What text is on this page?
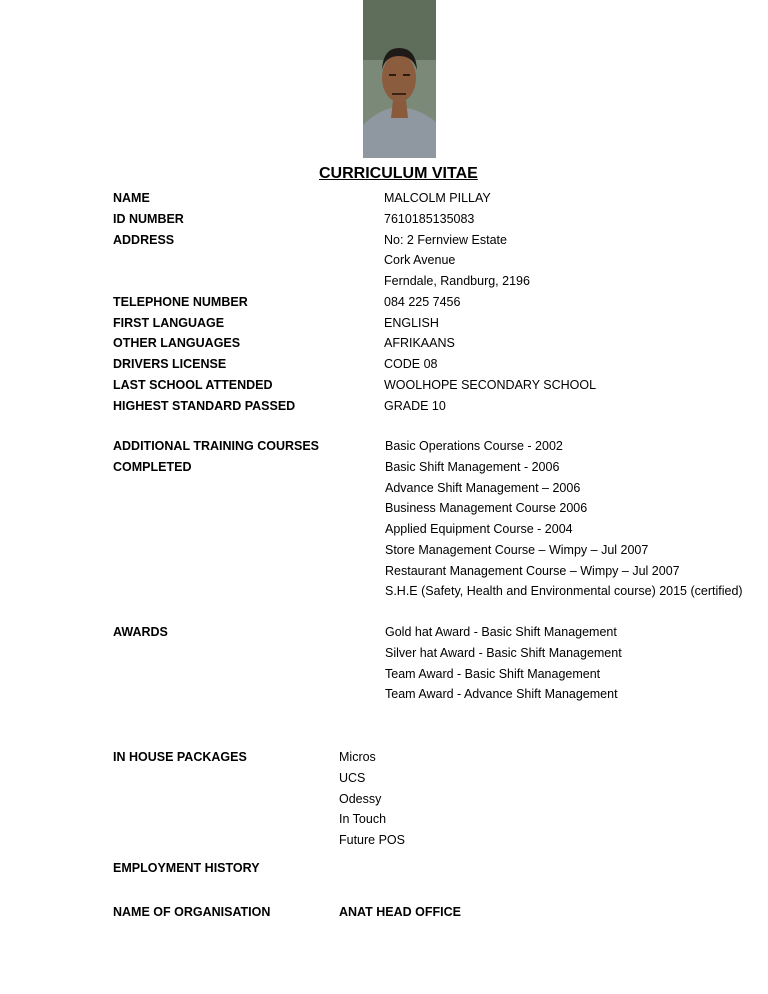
CURRICULUM VITAE
NAME	MALCOLM PILLAY
ID NUMBER	7610185135083
ADDRESS	No: 2 Fernview Estate
Cork Avenue
Ferndale, Randburg, 2196
TELEPHONE NUMBER	084 225 7456
FIRST LANGUAGE	ENGLISH
OTHER LANGUAGES	AFRIKAANS
DRIVERS LICENSE	CODE 08
LAST SCHOOL ATTENDED	WOOLHOPE SECONDARY SCHOOL
HIGHEST STANDARD PASSED	GRADE 10
ADDITIONAL TRAINING COURSES
COMPLETED
Basic Operations Course - 2002
Basic Shift Management - 2006
Advance Shift Management – 2006
Business Management Course 2006
Applied Equipment Course - 2004
Store Management Course – Wimpy – Jul 2007
Restaurant Management Course – Wimpy – Jul 2007
S.H.E (Safety, Health and Environmental course) 2015 (certified)
AWARDS	Gold hat Award - Basic Shift Management
Silver hat Award - Basic Shift Management
Team Award - Basic Shift Management
Team Award - Advance Shift Management
IN HOUSE PACKAGES	Micros
UCS
Odessy
In Touch
Future POS
EMPLOYMENT HISTORY
NAME OF ORGANISATION	ANAT HEAD OFFICE
